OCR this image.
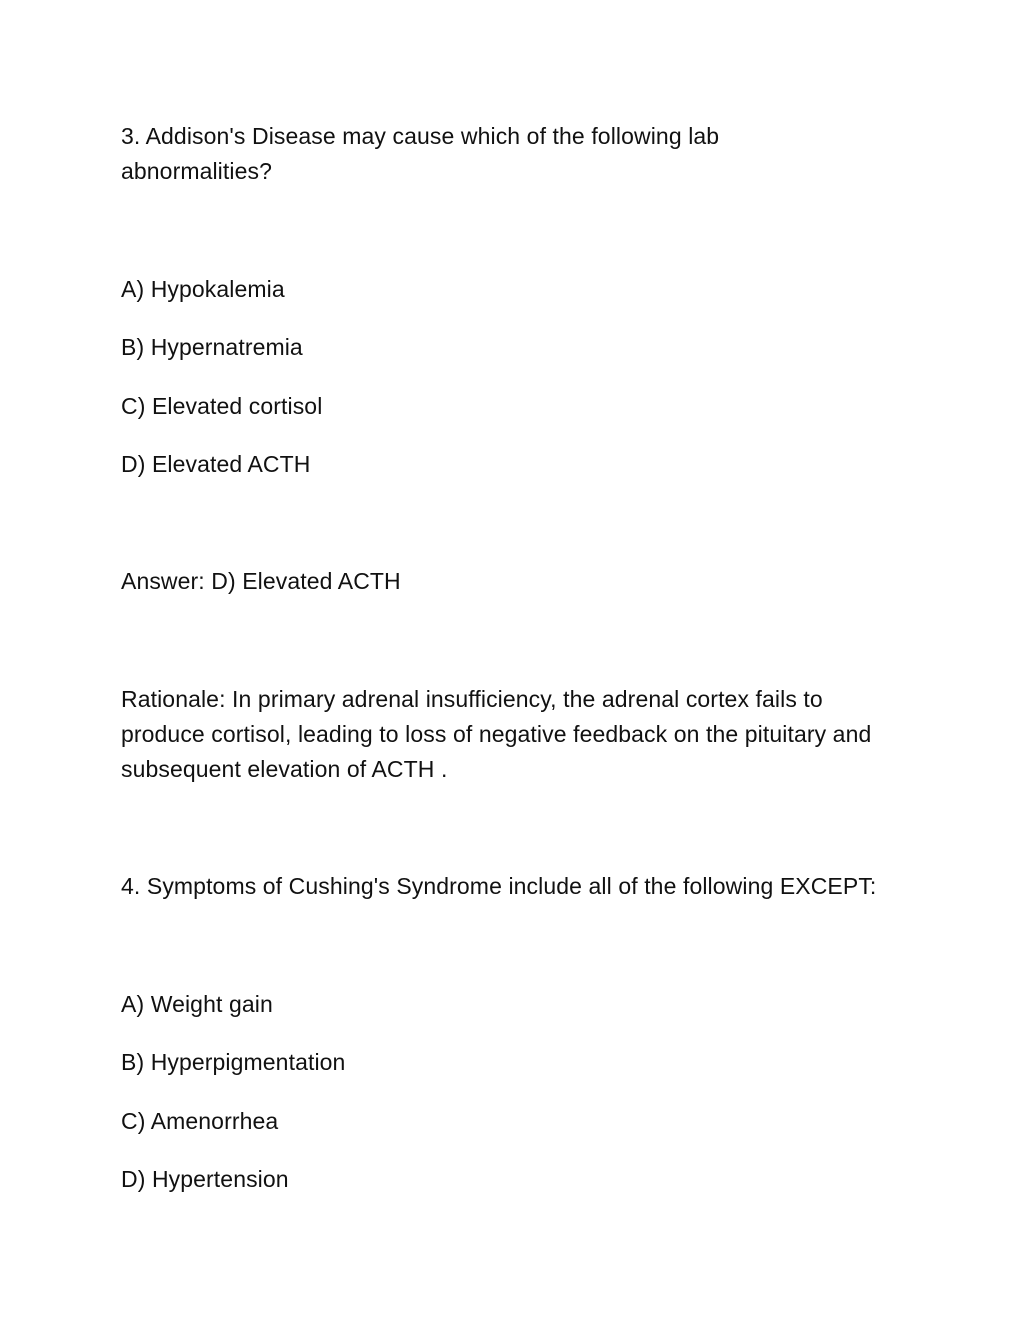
3. Addison's Disease may cause which of the following lab abnormalities?
A) Hypokalemia
B) Hypernatremia
C) Elevated cortisol
D) Elevated ACTH
Answer: D) Elevated ACTH
Rationale: In primary adrenal insufficiency, the adrenal cortex fails to produce cortisol, leading to loss of negative feedback on the pituitary and subsequent elevation of ACTH .
4. Symptoms of Cushing's Syndrome include all of the following EXCEPT:
A) Weight gain
B) Hyperpigmentation
C) Amenorrhea
D) Hypertension
